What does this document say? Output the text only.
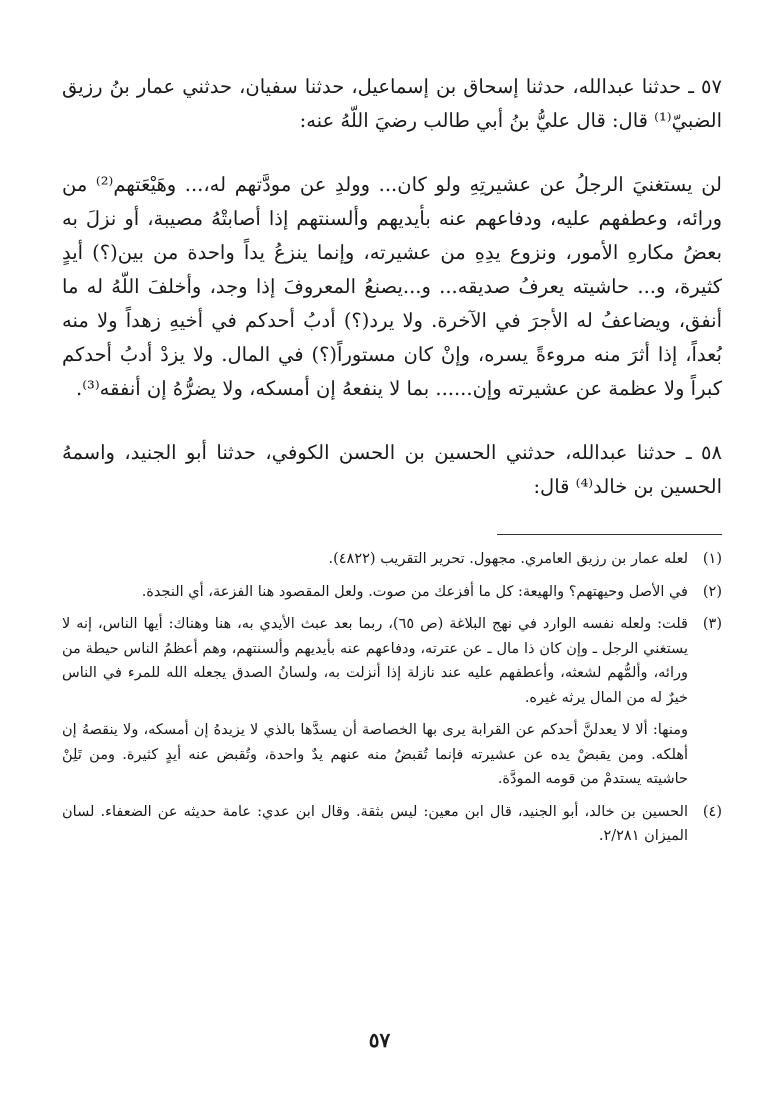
٥٧ ـ حدثنا عبدالله، حدثنا إسحاق بن إسماعيل، حدثنا سفيان، حدثني عمار بنُ رزيق الضبيّ⁽¹⁾ قال: قال عليُّ بنُ أبي طالب رضيَ اللّهُ عنه:

لن يستغنيَ الرجلُ عن عشيرتِهِ ولو كان... وولدِ عن مودَّتهم له،... وهَيْعَتهم⁽²⁾ من ورائه، وعطفهم عليه، ودفاعهم عنه بأيديهم وألسنتهم إذا أصابتْهُ مصيبة، أو نزلَ به بعضُ مكارهِ الأمور، ونزوع يدِهِ من عشيرته، وإنما ينزعُ يداً واحدة من بين(؟) أيدٍ كثيرة، و... حاشيته يعرفُ صديقه... و...يصنعُ المعروفَ إذا وجد، وأخلفَ اللّهُ له ما أنفق، ويضاعفُ له الأجرَ في الآخرة. ولا يرد(؟) أدبُ أحدكم في أخيهِ زهداً ولا منه بُعداً، إذا أثرَ منه مروءةً يسره، وإنْ كان مستوراً(؟) في المال. ولا يزدْ أدبُ أحدكم كبراً ولا عظمة عن عشيرته وإن...... بما لا ينفعهُ إن أمسكه، ولا يضرُّهُ إن أنفقه⁽³⁾.

٥٨ ـ حدثنا عبدالله، حدثني الحسين بن الحسن الكوفي، حدثنا أبو الجنيد، واسمهُ الحسين بن خالد⁽⁴⁾ قال:

(١)

لعله عمار بن رزيق العامري. مجهول. تحرير التقريب (٤٨٢٢).

(٢)

في الأصل وحيهتهم؟ والهيعة: كل ما أفزعك من صوت. ولعل المقصود هنا الفزعة، أي النجدة.

(٣)

قلت: ولعله نفسه الوارد في نهج البلاغة (ص ٦٥)، ربما بعد عبث الأيدي به، هنا وهناك: أيها الناس، إنه لا يستغني الرجل ـ وإن كان ذا مال ـ عن عترته، ودفاعهم عنه بأيديهم وألسنتهم، وهم أعظمُ الناس حيطة من ورائه، وألمُّهم لشعثه، وأعطفهم عليه عند نازلة إذا أنزلت به، ولسانُ الصدق يجعله الله للمرء في الناس خيرٌ له من المال يرثه غيره.

ومنها: ألا لا يعدلنَّ أحدكم عن القرابة يرى بها الخصاصة أن يسدَّها بالذي لا يزيدهُ إن أمسكه، ولا ينقصهُ إن أهلكه. ومن يقبضْ يده عن عشيرته فإنما تُقبضُ منه عنهم يدٌ واحدة، وتُقبض عنه أيدٍ كثيرة. ومن تَلِنْ حاشيته يستدمْ من قومه المودَّة.

(٤)

الحسين بن خالد، أبو الجنيد، قال ابن معين: ليس بثقة. وقال ابن عدي: عامة حديثه عن الضعفاء. لسان الميزان ٢/٢٨١.

٥٧
